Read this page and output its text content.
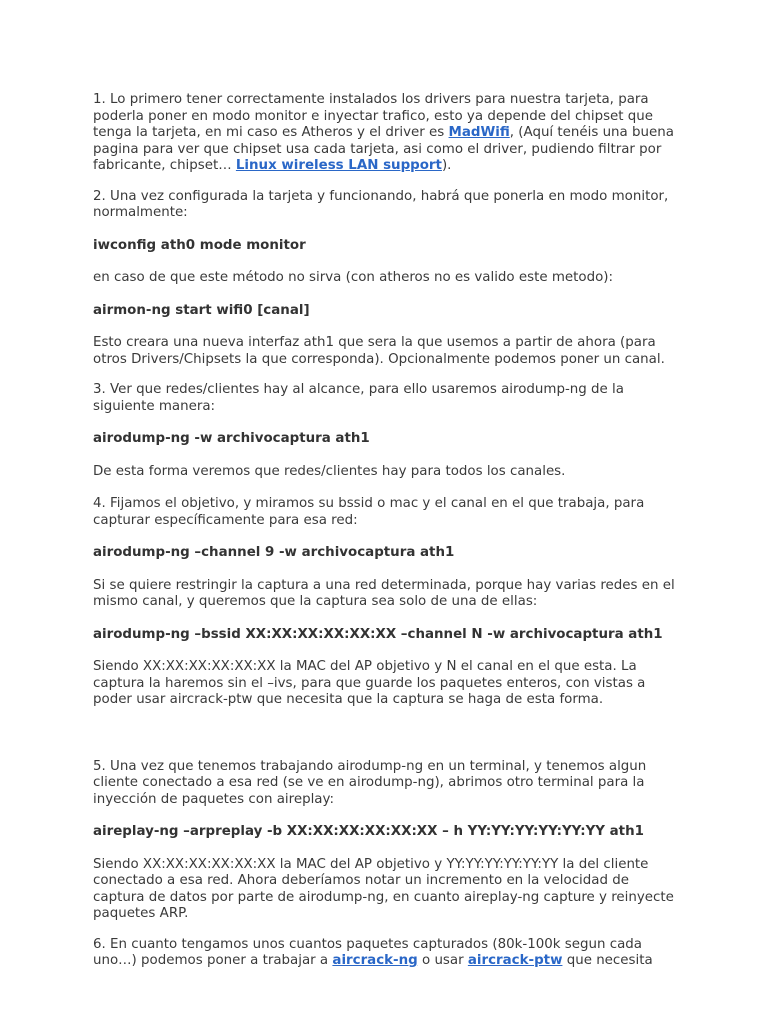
1. Lo primero tener correctamente instalados los drivers para nuestra tarjeta, para poderla poner en modo monitor e inyectar trafico, esto ya depende del chipset que tenga la tarjeta, en mi caso es Atheros y el driver es MadWifi, (Aquí tenéis una buena pagina para ver que chipset usa cada tarjeta, asi como el driver, pudiendo filtrar por fabricante, chipset… Linux wireless LAN support).

2. Una vez configurada la tarjeta y funcionando, habrá que ponerla en modo monitor, normalmente:

iwconfig ath0 mode monitor

en caso de que este método no sirva (con atheros no es valido este metodo):

airmon-ng start wifi0 [canal]

Esto creara una nueva interfaz ath1 que sera la que usemos a partir de ahora (para otros Drivers/Chipsets la que corresponda). Opcionalmente podemos poner un canal.

3. Ver que redes/clientes hay al alcance, para ello usaremos airodump-ng de la siguiente manera:

airodump-ng -w archivocaptura ath1

De esta forma veremos que redes/clientes hay para todos los canales.

4. Fijamos el objetivo, y miramos su bssid o mac y el canal en el que trabaja, para capturar específicamente para esa red:

airodump-ng –channel 9 -w archivocaptura ath1

Si se quiere restringir la captura a una red determinada, porque hay varias redes en el mismo canal, y queremos que la captura sea solo de una de ellas:

airodump-ng –bssid XX:XX:XX:XX:XX:XX –channel N -w archivocaptura ath1

Siendo XX:XX:XX:XX:XX:XX la MAC del AP objetivo y N el canal en el que esta. La captura la haremos sin el –ivs, para que guarde los paquetes enteros, con vistas a poder usar aircrack-ptw que necesita que la captura se haga de esta forma.

5. Una vez que tenemos trabajando airodump-ng en un terminal, y tenemos algun cliente conectado a esa red (se ve en airodump-ng), abrimos otro terminal para la inyección de paquetes con aireplay:

aireplay-ng –arpreplay -b XX:XX:XX:XX:XX:XX – h YY:YY:YY:YY:YY:YY ath1

Siendo XX:XX:XX:XX:XX:XX la MAC del AP objetivo y YY:YY:YY:YY:YY:YY la del cliente conectado a esa red. Ahora deberíamos notar un incremento en la velocidad de captura de datos por parte de airodump-ng, en cuanto aireplay-ng capture y reinyecte paquetes ARP.

6. En cuanto tengamos unos cuantos paquetes capturados (80k-100k segun cada uno…) podemos poner a trabajar a aircrack-ng o usar aircrack-ptw que necesita
